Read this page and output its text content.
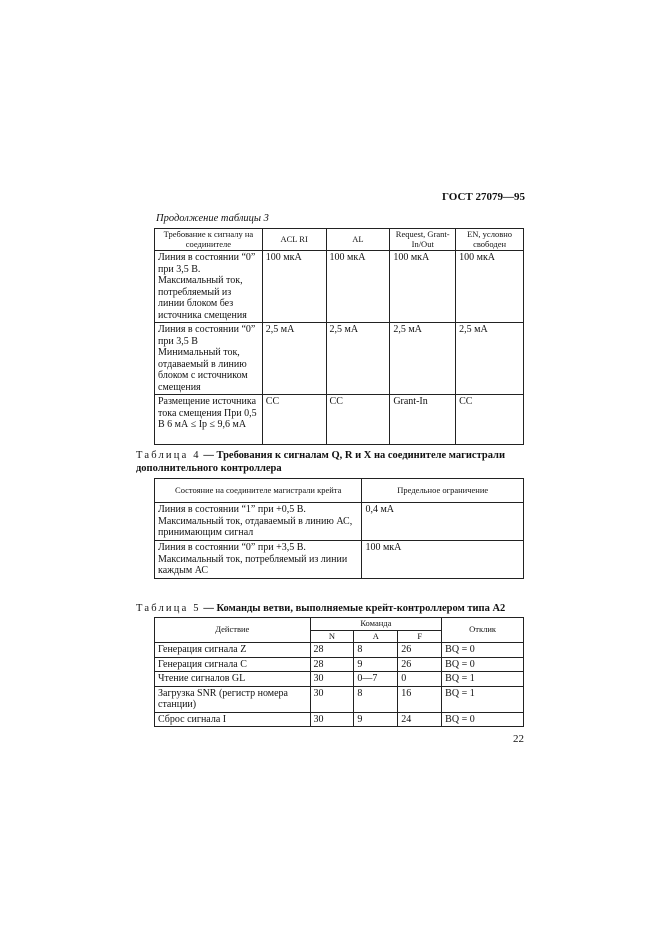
ГОСТ 27079—95
Продолжение таблицы 3
Требование к сигналу на соединителе	ACL RI	AL	Request, Grant-In/Out	EN, условно свободен
Линия в состоянии “0” при 3,5 В. Максимальный ток, потребляемый из линии блоком без источника смещения	100 мкА	100 мкА	100 мкА	100 мкА
Линия в состоянии “0” при 3,5 В Минимальный ток, отдаваемый в линию блоком с источником смещения	2,5 мА	2,5 мА	2,5 мА	2,5 мА
Размещение источника тока смещения При 0,5 В 6 мА ≤ Iр ≤ 9,6 мА	CC	CC	Grant-In	CC
Таблица 4 — Требования к сигналам Q, R и X на соединителе магистрали дополнительного контроллера
Состояние на соединителе магистрали крейта	Предельное ограничение
Линия в состоянии “1” при +0,5 В. Максимальный ток, отдаваемый в линию АС, принимающим сигнал	0,4 мА
Линия в состоянии “0” при +3,5 В. Максимальный ток, потребляемый из линии каждым АС	100 мкА
Таблица 5 — Команды ветви, выполняемые крейт-контроллером типа А2
Действие	Команда			Отклик
	N	A	F	
Генерация сигнала Z	28	8	26	BQ = 0
Генерация сигнала С	28	9	26	BQ = 0
Чтение сигналов GL	30	0—7	0	BQ = 1
Загрузка SNR (регистр номера станции)	30	8	16	BQ = 1
Сброс сигнала I	30	9	24	BQ = 0
22
